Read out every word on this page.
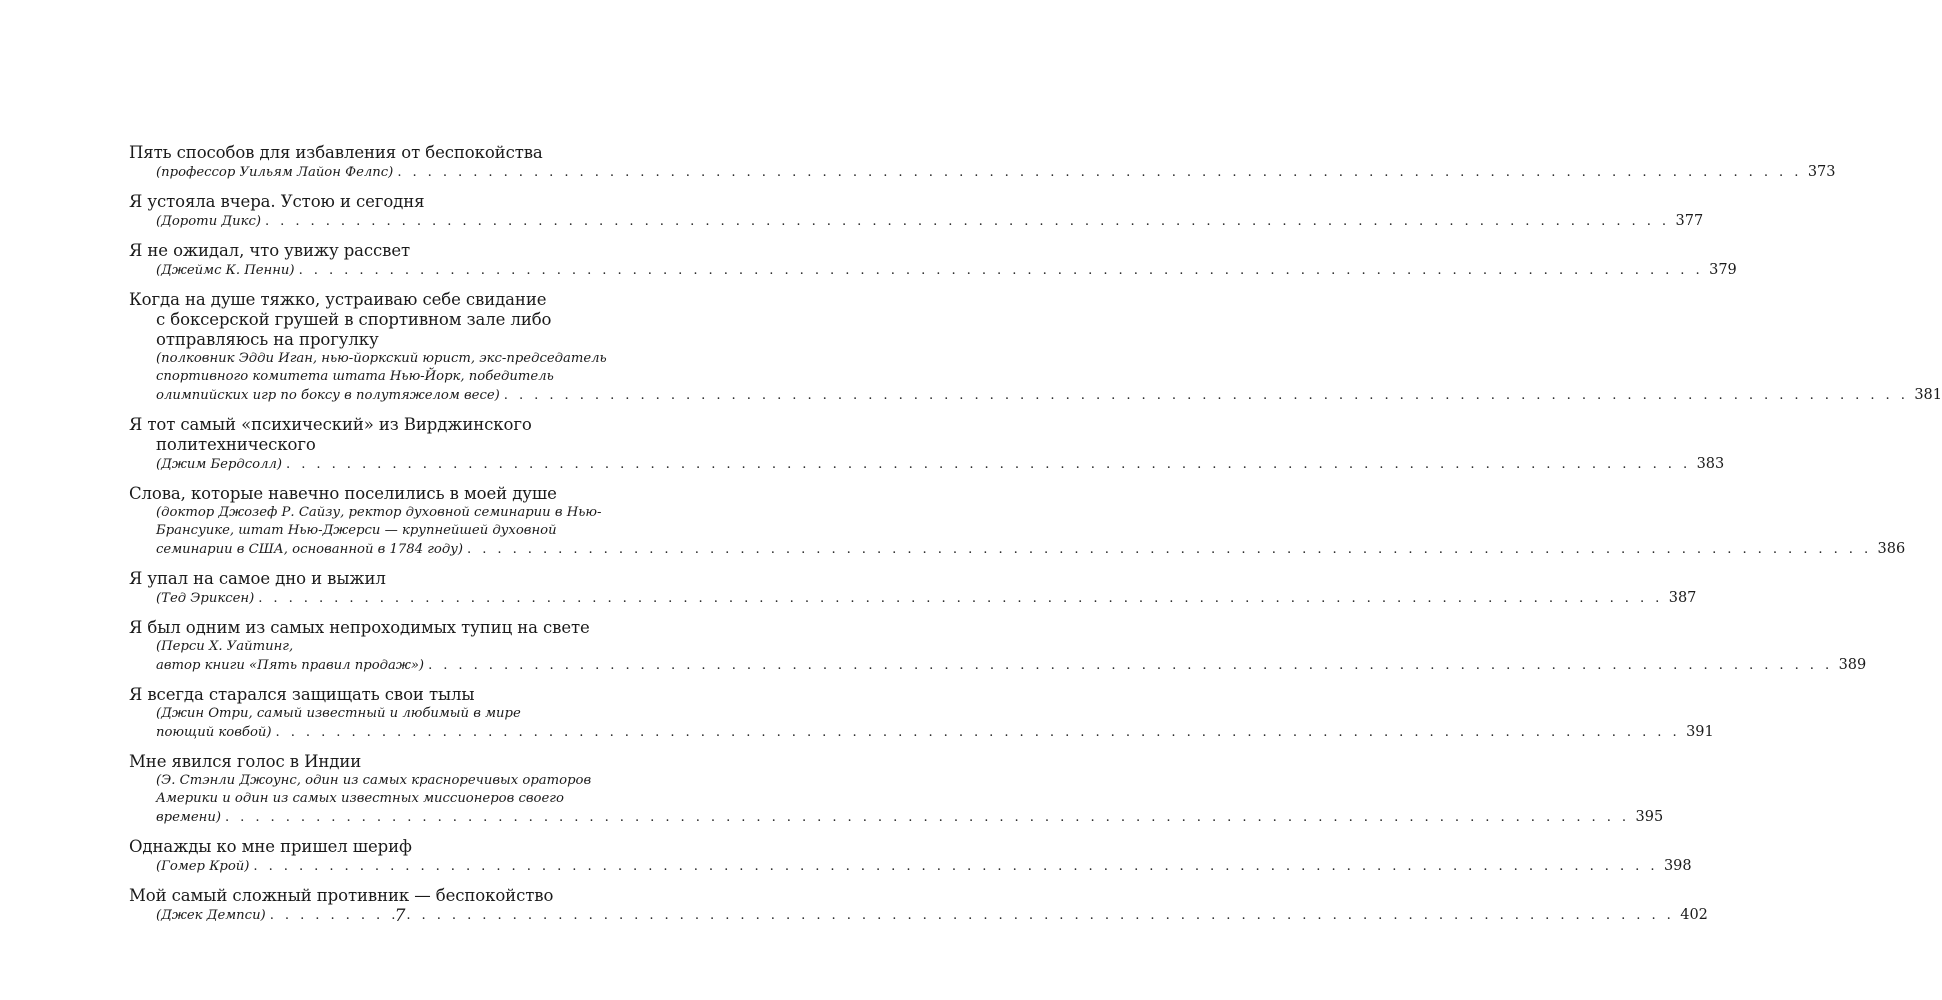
Пять способов для избавления от беспокойства
(профессор Уильям Лайон Фелпс) . . .	373
Я устояла вчера. Устою и сегодня
(Дороти Дикс) . . .	377
Я не ожидал, что увижу рассвет
(Джеймс К. Пенни) . . .	379
Когда на душе тяжко, устраиваю себе свидание
с боксерской грушей в спортивном зале либо
отправляюсь на прогулку
(полковник Эдди Иган, нью-йоркский юрист, экс-председатель
спортивного комитета штата Нью-Йорк, победитель
олимпийских игр по боксу в полутяжелом весе) . . .	381
Я тот самый «психический» из Вирджинского
политехнического
(Джим Бердсолл) . . .	383
Слова, которые навечно поселились в моей душе
(доктор Джозеф Р. Сайзу, ректор духовной семинарии в Нью-
Брансуике, штат Нью-Джерси — крупнейшей духовной
семинарии в США, основанной в 1784 году) . . .	386
Я упал на самое дно и выжил
(Тед Эриксен) . . .	387
Я был одним из самых непроходимых тупиц на свете
(Перси Х. Уайтинг,
автор книги «Пять правил продаж») . . .	389
Я всегда старался защищать свои тылы
(Джин Отри, самый известный и любимый в мире
поющий ковбой) . . .	391
Мне явился голос в Индии
(Э. Стэнли Джоунс, один из самых красноречивых ораторов
Америки и один из самых известных миссионеров своего
времени) . . .	395
Однажды ко мне пришел шериф
(Гомер Крой) . . .	398
Мой самый сложный противник — беспокойство
(Джек Демпси) . . .	402
7
